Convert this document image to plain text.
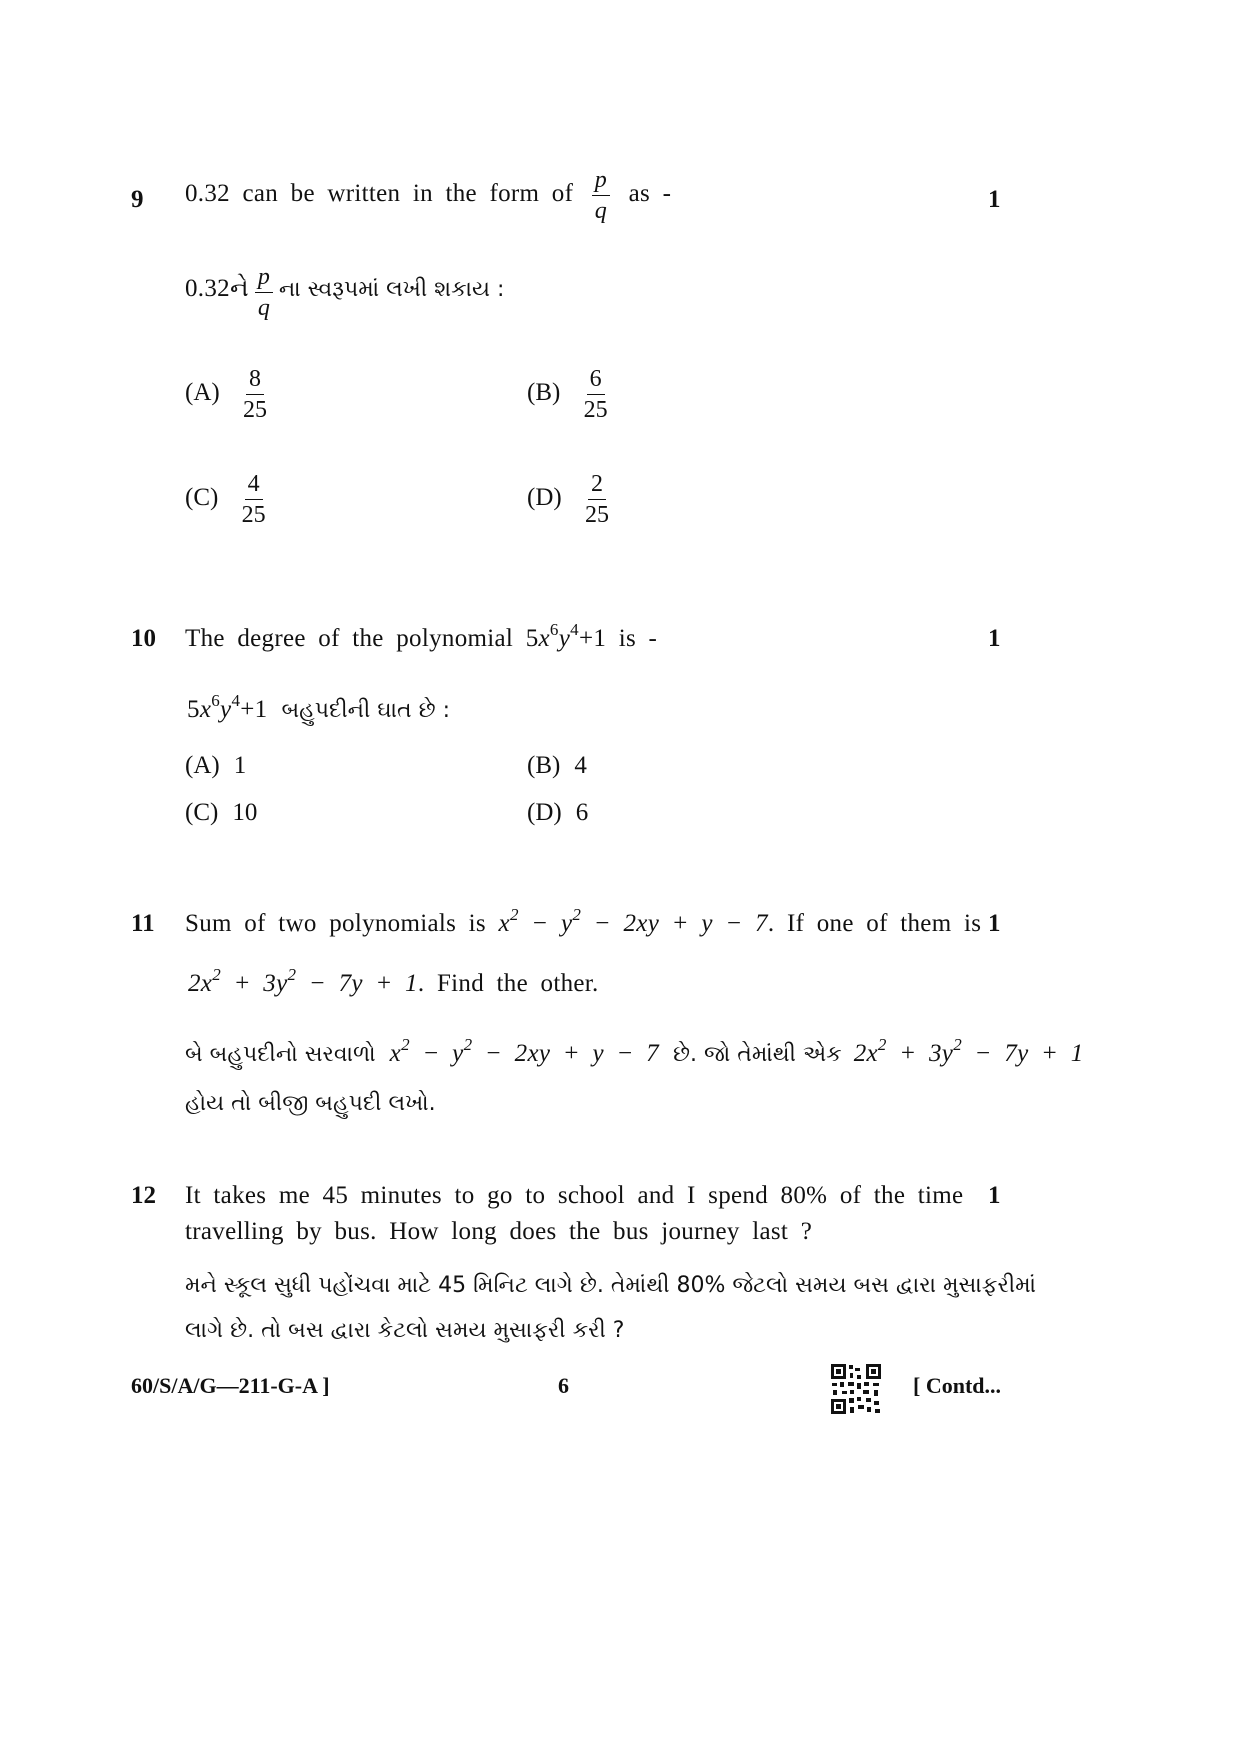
9	1
0.32 can be written in the form of $\frac{p}{q}$ as -
0.32ને $\frac{p}{q}$ ના સ્વરૂપમાં લખી શકાય :
$(A) \frac{8}{25}$	$(B) \frac{6}{25}$
$(C) \frac{4}{25}$	$(D) \frac{2}{25}$
10	1
The degree of the polynomial $5x^6y^4+1$ is -
$5x^6y^4+1$ બહુપદીની ઘાત છે :
(A) 1	(B) 4
(C) 10	(D) 6
11	1
Sum of two polynomials is $x^2 - y^2 - 2xy + y - 7$. If one of them is
$2x^2 + 3y^2 - 7y + 1$. Find the other.
બે બહુપદીનો સરવાળો $x^2 - y^2 - 2xy + y - 7$ છે. જો તેમાંથી એક $2x^2 + 3y^2 - 7y + 1$
હોય તો બીજી બહુપદી લખો.
12	1
It takes me 45 minutes to go to school and I spend 80% of the time
travelling by bus. How long does the bus journey last ?
મને સ્કૂલ સુધી પહોંચવા માટે 45 મિનિટ લાગે છે. તેમાંથી 80% જેટલો સમય બસ દ્વારા મુસાફરીમાં
લાગે છે. તો બસ દ્વારા કેટલો સમય મુસાફરી કરી ?
60/S/A/G—211-G-A ]	6	[ Contd...
